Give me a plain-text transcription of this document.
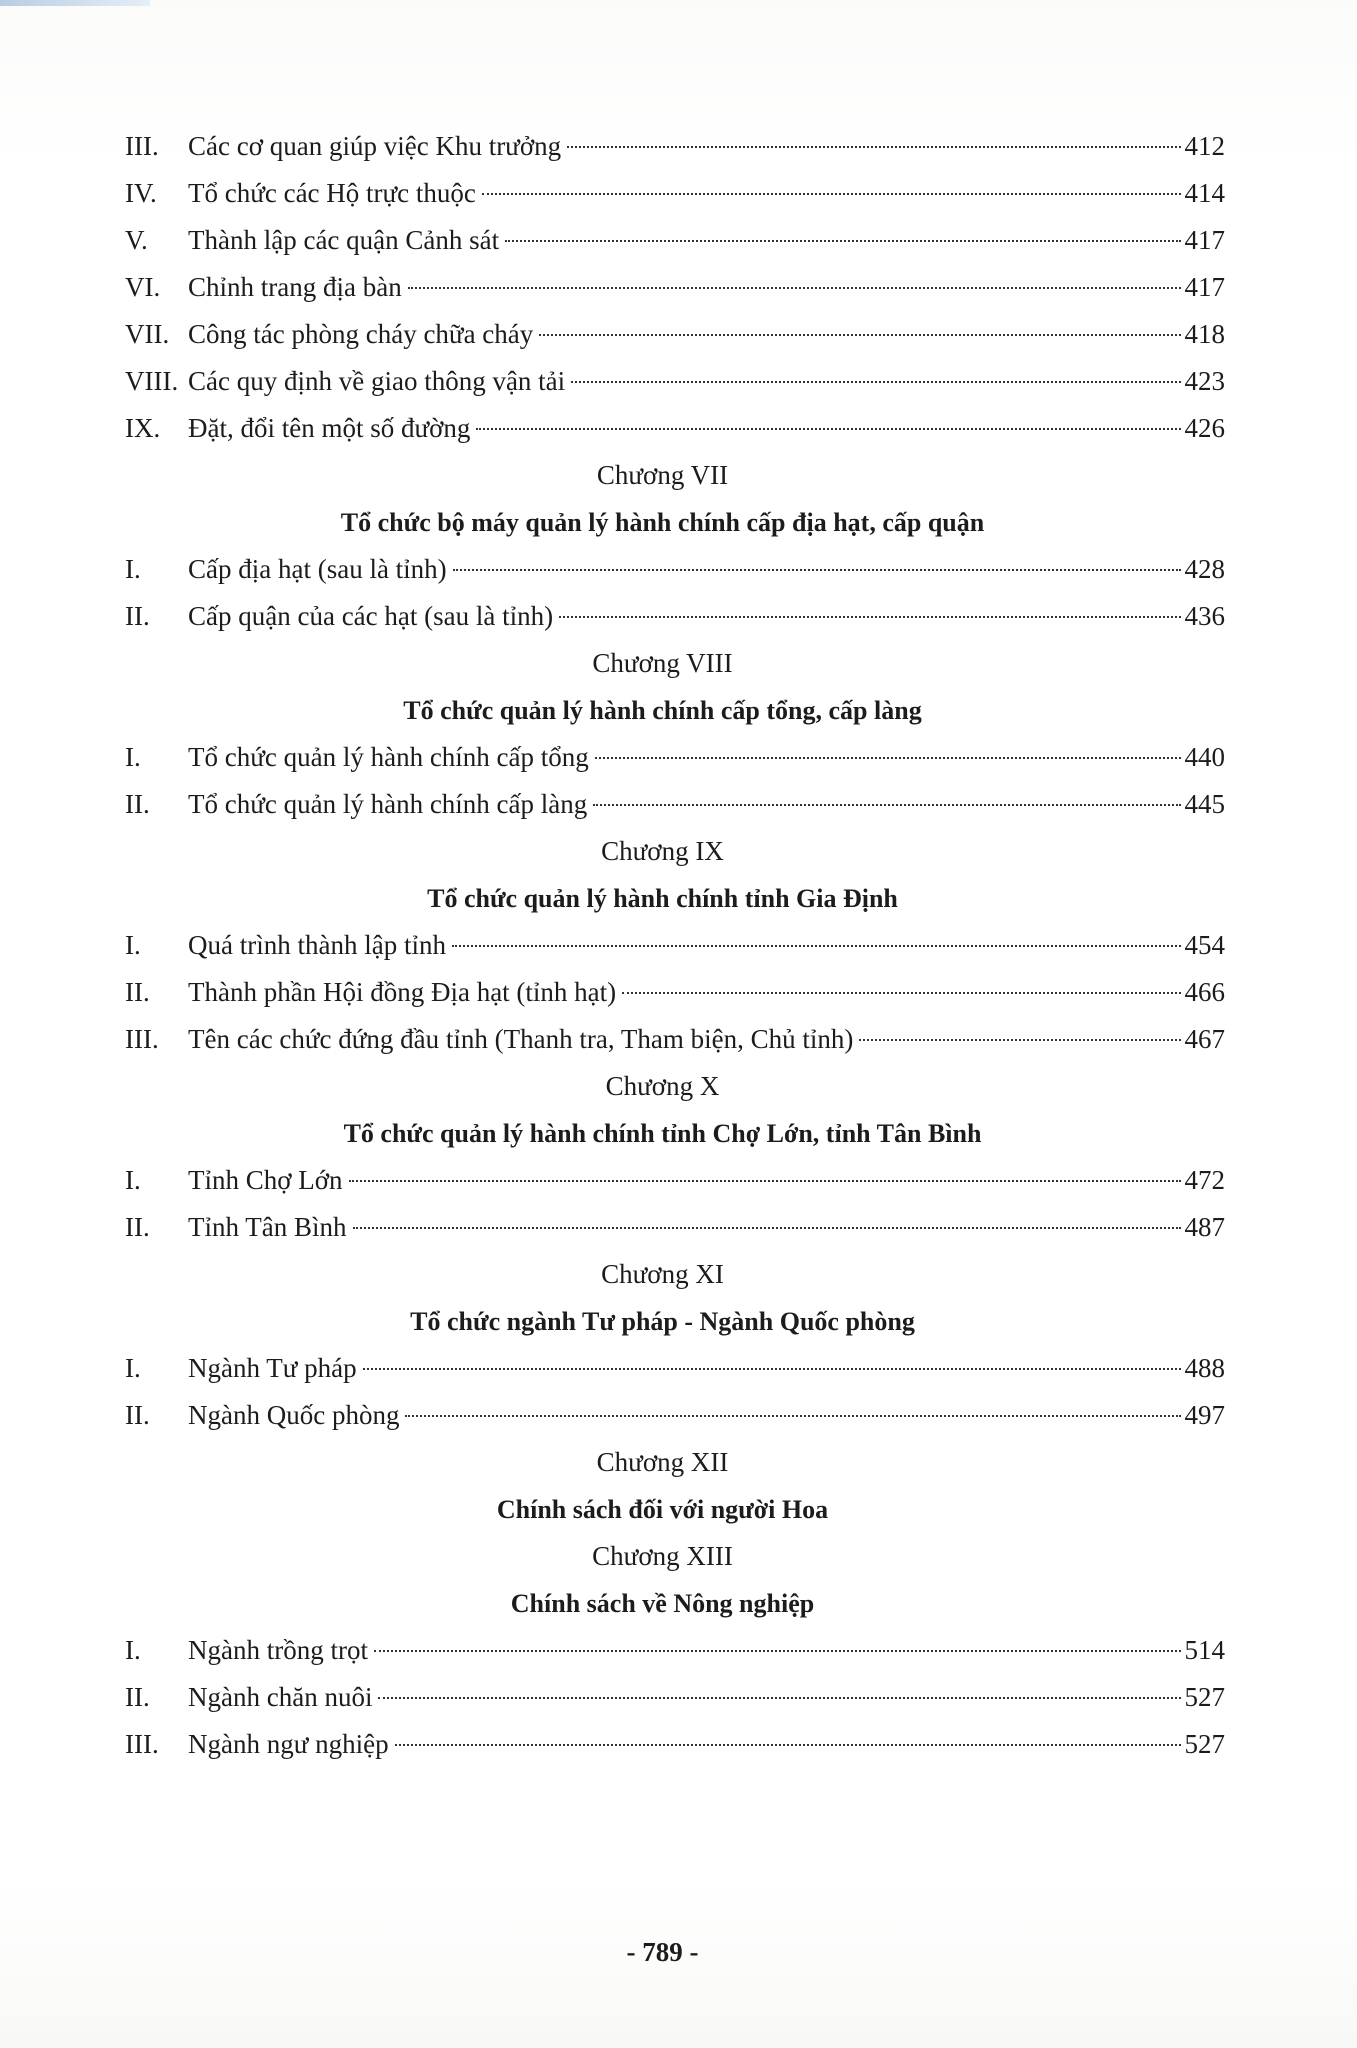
III.	Các cơ quan giúp việc Khu trưởng	412
IV.	Tổ chức các Hộ trực thuộc	414
V.	Thành lập các quận Cảnh sát	417
VI.	Chỉnh trang địa bàn	417
VII. Công tác phòng cháy chữa cháy	418
VIII. Các quy định về giao thông vận tải	423
IX.	Đặt, đổi tên một số đường	426
Chương VII
Tổ chức bộ máy quản lý hành chính cấp địa hạt, cấp quận
I.	Cấp địa hạt (sau là tỉnh)	428
II.	Cấp quận của các hạt (sau là tỉnh)	436
Chương VIII
Tổ chức quản lý hành chính cấp tổng, cấp làng
I.	Tổ chức quản lý hành chính cấp tổng	440
II.	Tổ chức quản lý hành chính cấp làng	445
Chương IX
Tổ chức quản lý hành chính tỉnh Gia Định
I.	Quá trình thành lập tỉnh	454
II.	Thành phần Hội đồng Địa hạt (tỉnh hạt)	466
III.	Tên các chức đứng đầu tỉnh (Thanh tra, Tham biện, Chủ tỉnh)	467
Chương X
Tổ chức quản lý hành chính tỉnh Chợ Lớn, tỉnh Tân Bình
I.	Tỉnh Chợ Lớn	472
II.	Tỉnh Tân Bình	487
Chương XI
Tổ chức ngành Tư pháp - Ngành Quốc phòng
I.	Ngành Tư pháp	488
II.	Ngành Quốc phòng	497
Chương XII
Chính sách đối với người Hoa
Chương XIII
Chính sách về Nông nghiệp
I.	Ngành trồng trọt	514
II.	Ngành chăn nuôi	527
III.	Ngành ngư nghiệp	527
- 789 -
